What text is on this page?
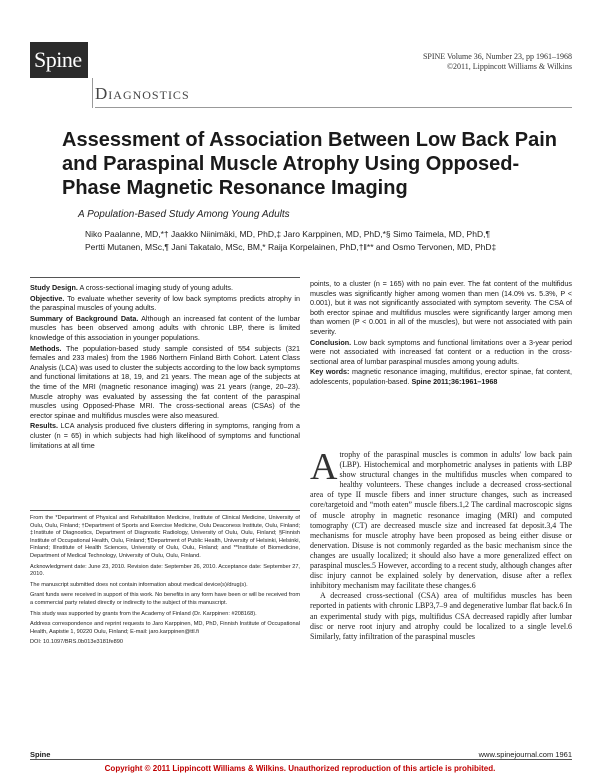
Spine	SPINE Volume 36, Number 23, pp 1961–1968
©2011, Lippincott Williams & Wilkins
Diagnostics
Assessment of Association Between Low Back Pain and Paraspinal Muscle Atrophy Using Opposed-Phase Magnetic Resonance Imaging
A Population-Based Study Among Young Adults
Niko Paalanne, MD,*† Jaakko Niinimäki, MD, PhD,‡ Jaro Karppinen, MD, PhD,*§ Simo Taimela, MD, PhD,¶
Pertti Mutanen, MSc,¶ Jani Takatalo, MSc, BM,* Raija Korpelainen, PhD,†‖** and Osmo Tervonen, MD, PhD‡

Study Design. A cross-sectional imaging study of young adults.

Objective. To evaluate whether severity of low back symptoms predicts atrophy in the paraspinal muscles of young adults.

Summary of Background Data. Although an increased fat content of the lumbar muscles has been observed among adults with chronic LBP, there is limited knowledge of this association in younger populations.

Methods. The population-based study sample consisted of 554 subjects (321 females and 233 males) from the 1986 Northern Finland Birth Cohort. Latent Class Analysis (LCA) was used to cluster the subjects according to the low back symptoms and functional limitations at 18, 19, and 21 years. The mean age of the subjects at the time of the MRI (magnetic resonance imaging) was 21 years (range, 20–23). Muscle atrophy was evaluated by assessing the fat content of the paraspinal muscles using Opposed-Phase MRI. The cross-sectional areas (CSAs) of the erector spinae and multifidus muscles were also measured.

Results. LCA analysis produced five clusters differing in symptoms, ranging from a cluster (n = 65) in which subjects had high likelihood of symptoms and functional limitations at all time

points, to a cluster (n = 165) with no pain ever. The fat content of the multifidus muscles was significantly higher among women than men (14.0% vs. 5.3%, P < 0.001), but it was not significantly associated with symptom severity. The CSA of both erector spinae and multifidus muscles were significantly larger among men than women (P < 0.001 in all of the muscles), but were not associated with pain severity.

Conclusion. Low back symptoms and functional limitations over a 3-year period were not associated with increased fat content or a reduction in the cross-sectional area of lumbar paraspinal muscles among young adults.

Key words: magnetic resonance imaging, multifidus, erector spinae, fat content, adolescents, population-based. Spine 2011;36:1961–1968

From the *Department of Physical and Rehabilitation Medicine, Institute of Clinical Medicine, University of Oulu, Oulu, Finland; †Department of Sports and Exercise Medicine, Oulu Deaconess Institute, Oulu, Finland; ‡Institute of Diagnostics, Department of Diagnostic Radiology, University of Oulu, Oulu, Finland; §Finnish Institute of Occupational Health, Oulu, Finland; ¶Department of Public Health, University of Helsinki, Helsinki, Finland; ‖Institute of Health Sciences, University of Oulu, Oulu, Finland; and **Institute of Biomedicine, Department of Medical Technology, University of Oulu, Oulu, Finland.

Acknowledgment date: June 23, 2010. Revision date: September 26, 2010. Acceptance date: September 27, 2010.

The manuscript submitted does not contain information about medical device(s)/drug(s).

Grant funds were received in support of this work. No benefits in any form have been or will be received from a commercial party related directly or indirectly to the subject of this manuscript.

This study was supported by grants from the Academy of Finland (Dr. Karppinen: #208168).

Address correspondence and reprint requests to Jaro Karppinen, MD, PhD, Finnish Institute of Occupational Health, Aapistie 1, 90220 Oulu, Finland; E-mail: jaro.karppinen@ttl.fi

DOI: 10.1097/BRS.0b013e3181fe890

Atrophy of the paraspinal muscles is common in adults' low back pain (LBP). Histochemical and morphometric analyses in patients with LBP show structural changes in the multifidus muscles when compared to healthy volunteers. These changes include a decreased cross-sectional area of type II muscle fibers and inner structure changes, such as increased core/targetoid and “moth eaten” muscle fibers.1,2 The cardinal macroscopic signs of muscle atrophy in magnetic resonance imaging (MRI) and computed tomography (CT) are decreased muscle size and increased fat deposit.3,4 The mechanisms for muscle atrophy have been proposed as being either disuse or denervation. Disuse is not commonly regarded as the basic mechanism since the changes are usually localized; it should also have a more generalized effect on paraspinal muscles.5 However, according to a recent study, although changes after disc injury cannot be explained solely by denervation, disuse after a reflex inhibitory mechanism may facilitate these changes.6

A decreased cross-sectional (CSA) area of multifidus muscles has been reported in patients with chronic LBP3,7–9 and degenerative lumbar flat back.6 In an experimental study with pigs, multifidus CSA decreased rapidly after lumbar disc or nerve root injury and atrophy could be localized to a single level.6 Similarly, fatty infiltration of the paraspinal muscles

Spine	www.spinejournal.com 1961
Copyright © 2011 Lippincott Williams & Wilkins. Unauthorized reproduction of this article is prohibited.
